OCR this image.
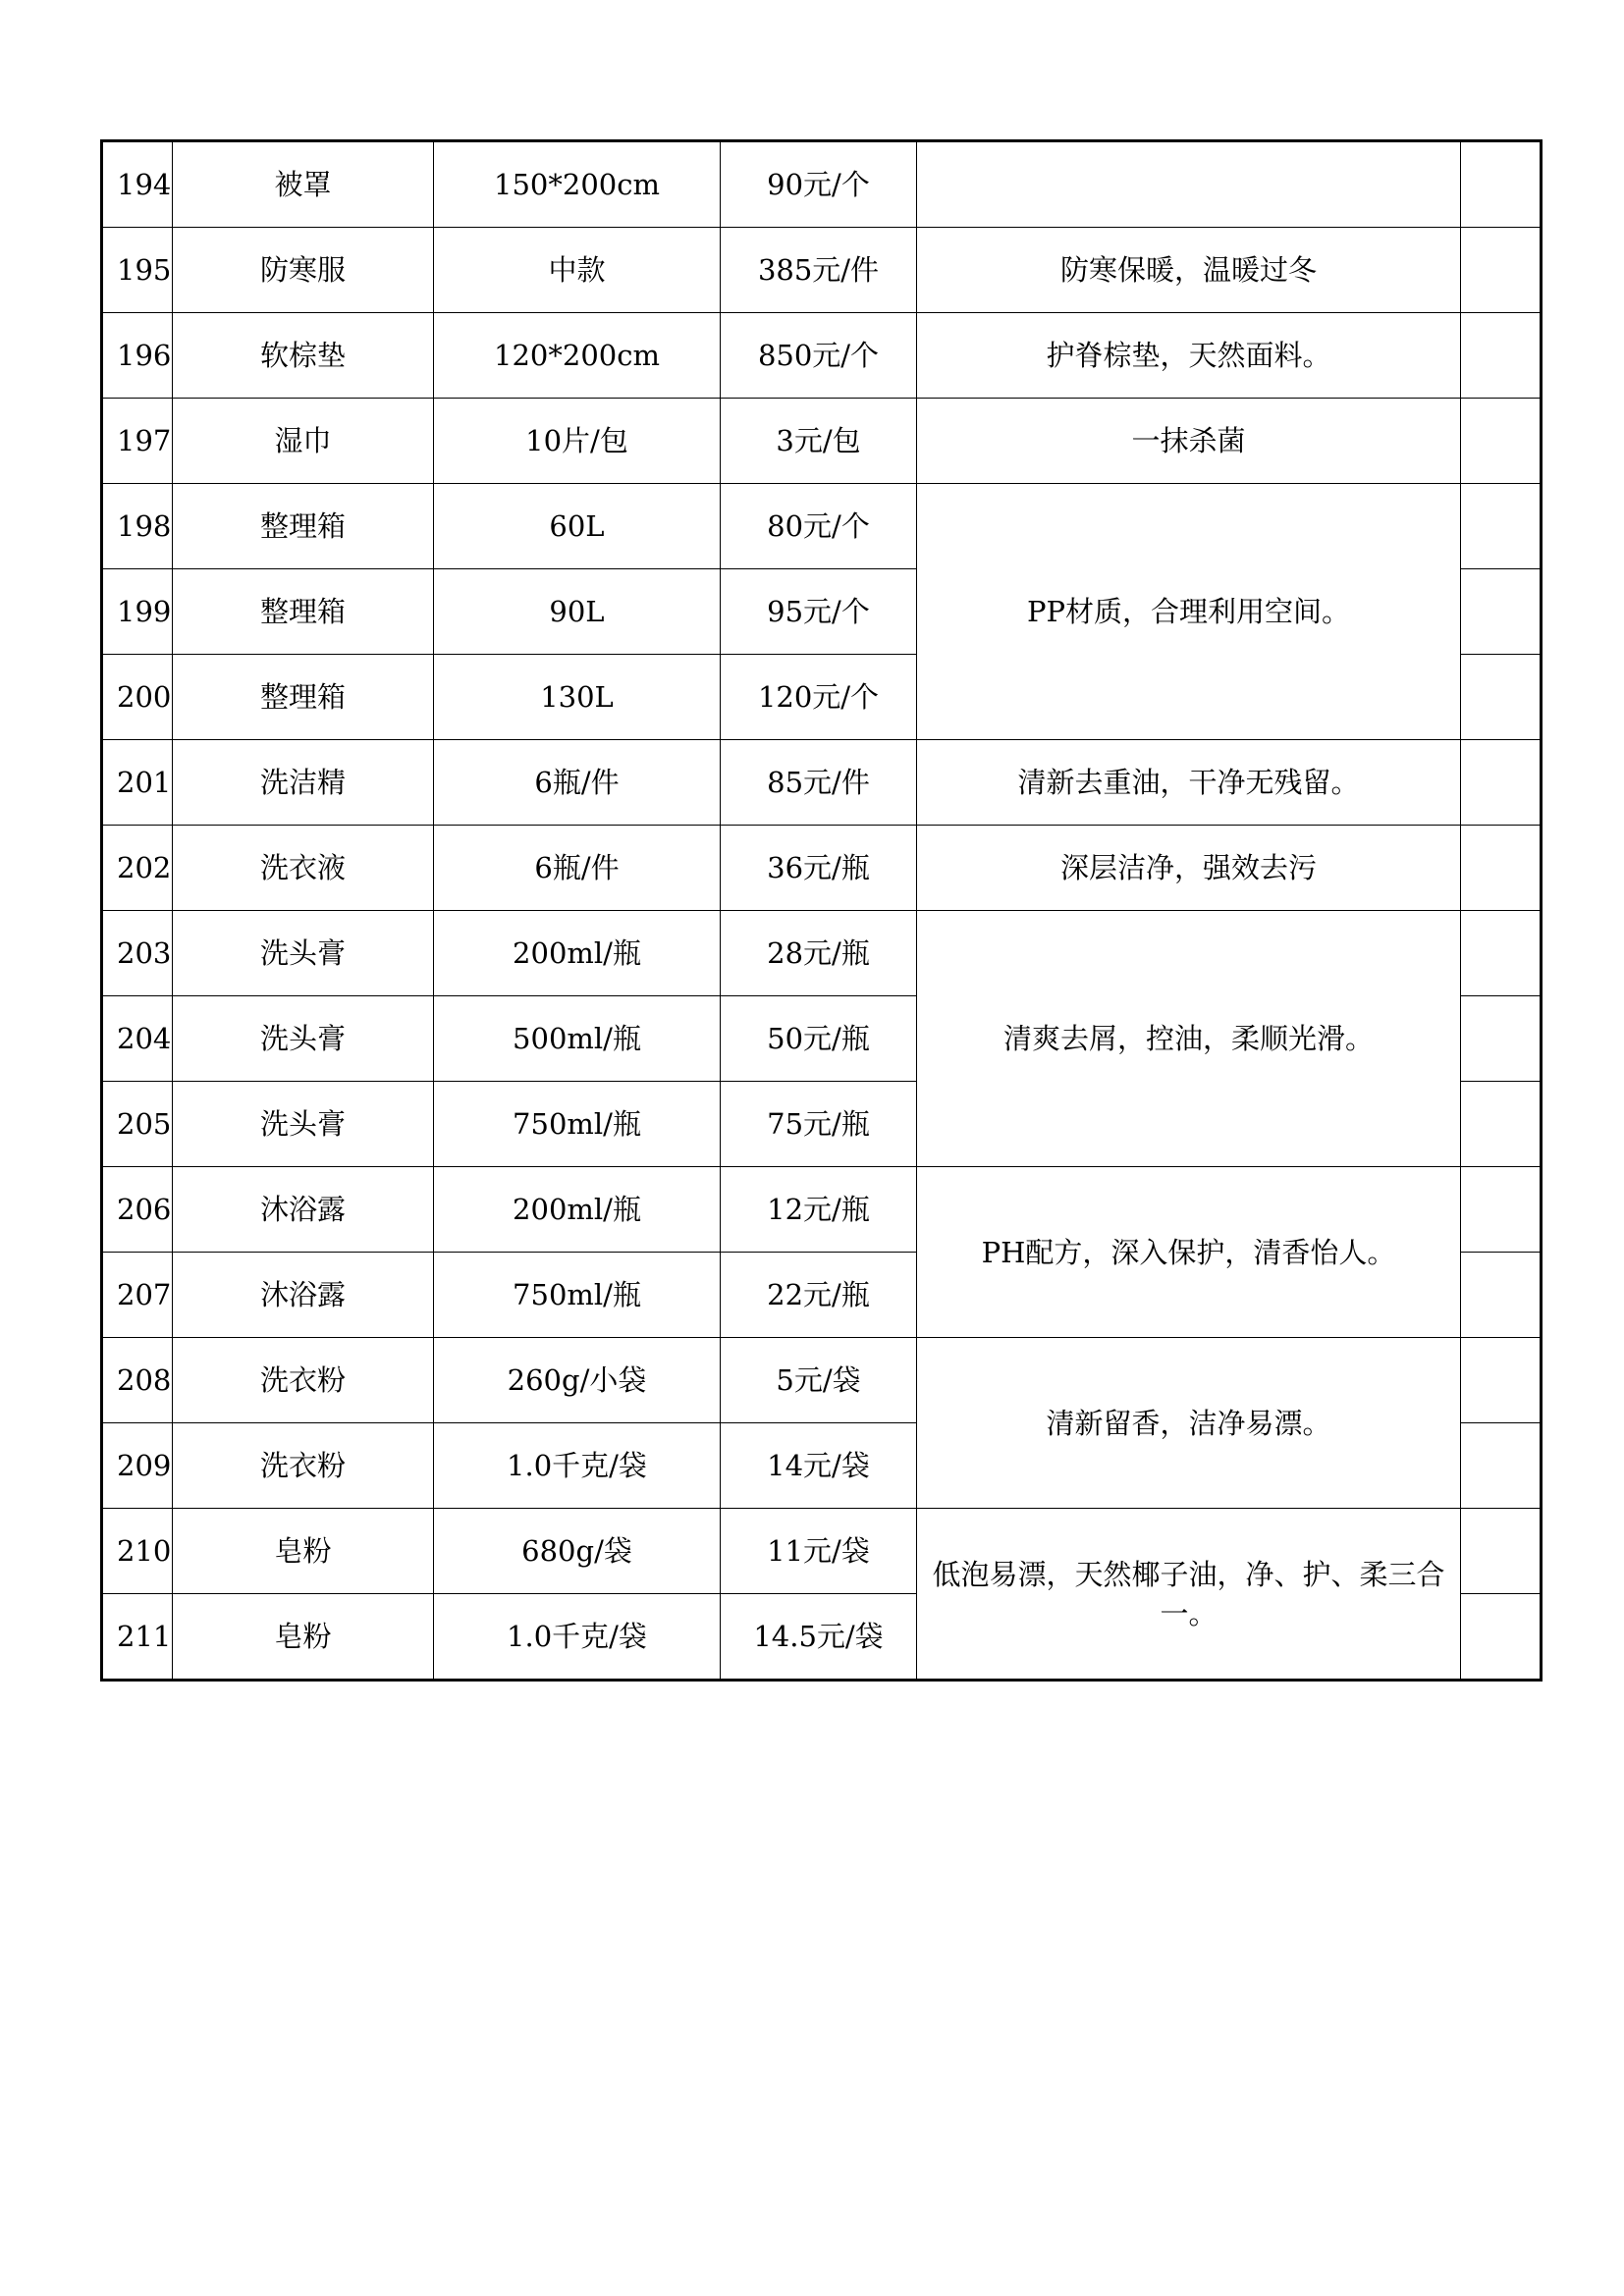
194	被罩	150*200cm	90元/个		
195	防寒服	中款	385元/件	防寒保暖，温暖过冬	
196	软棕垫	120*200cm	850元/个	护脊棕垫，天然面料。	
197	湿巾	10片/包	3元/包	一抹杀菌	
198	整理箱	60L	80元/个	PP材质，合理利用空间。	
199	整理箱	90L	95元/个		
200	整理箱	130L	120元/个		
201	洗洁精	6瓶/件	85元/件	清新去重油，干净无残留。	
202	洗衣液	6瓶/件	36元/瓶	深层洁净，强效去污	
203	洗头膏	200ml/瓶	28元/瓶	清爽去屑，控油，柔顺光滑。	
204	洗头膏	500ml/瓶	50元/瓶		
205	洗头膏	750ml/瓶	75元/瓶		
206	沐浴露	200ml/瓶	12元/瓶	PH配方，深入保护，清香怡人。	
207	沐浴露	750ml/瓶	22元/瓶		
208	洗衣粉	260g/小袋	5元/袋	清新留香，洁净易漂。	
209	洗衣粉	1.0千克/袋	14元/袋		
210	皂粉	680g/袋	11元/袋	低泡易漂，天然椰子油，净、护、柔三合一。	
211	皂粉	1.0千克/袋	14.5元/袋		
